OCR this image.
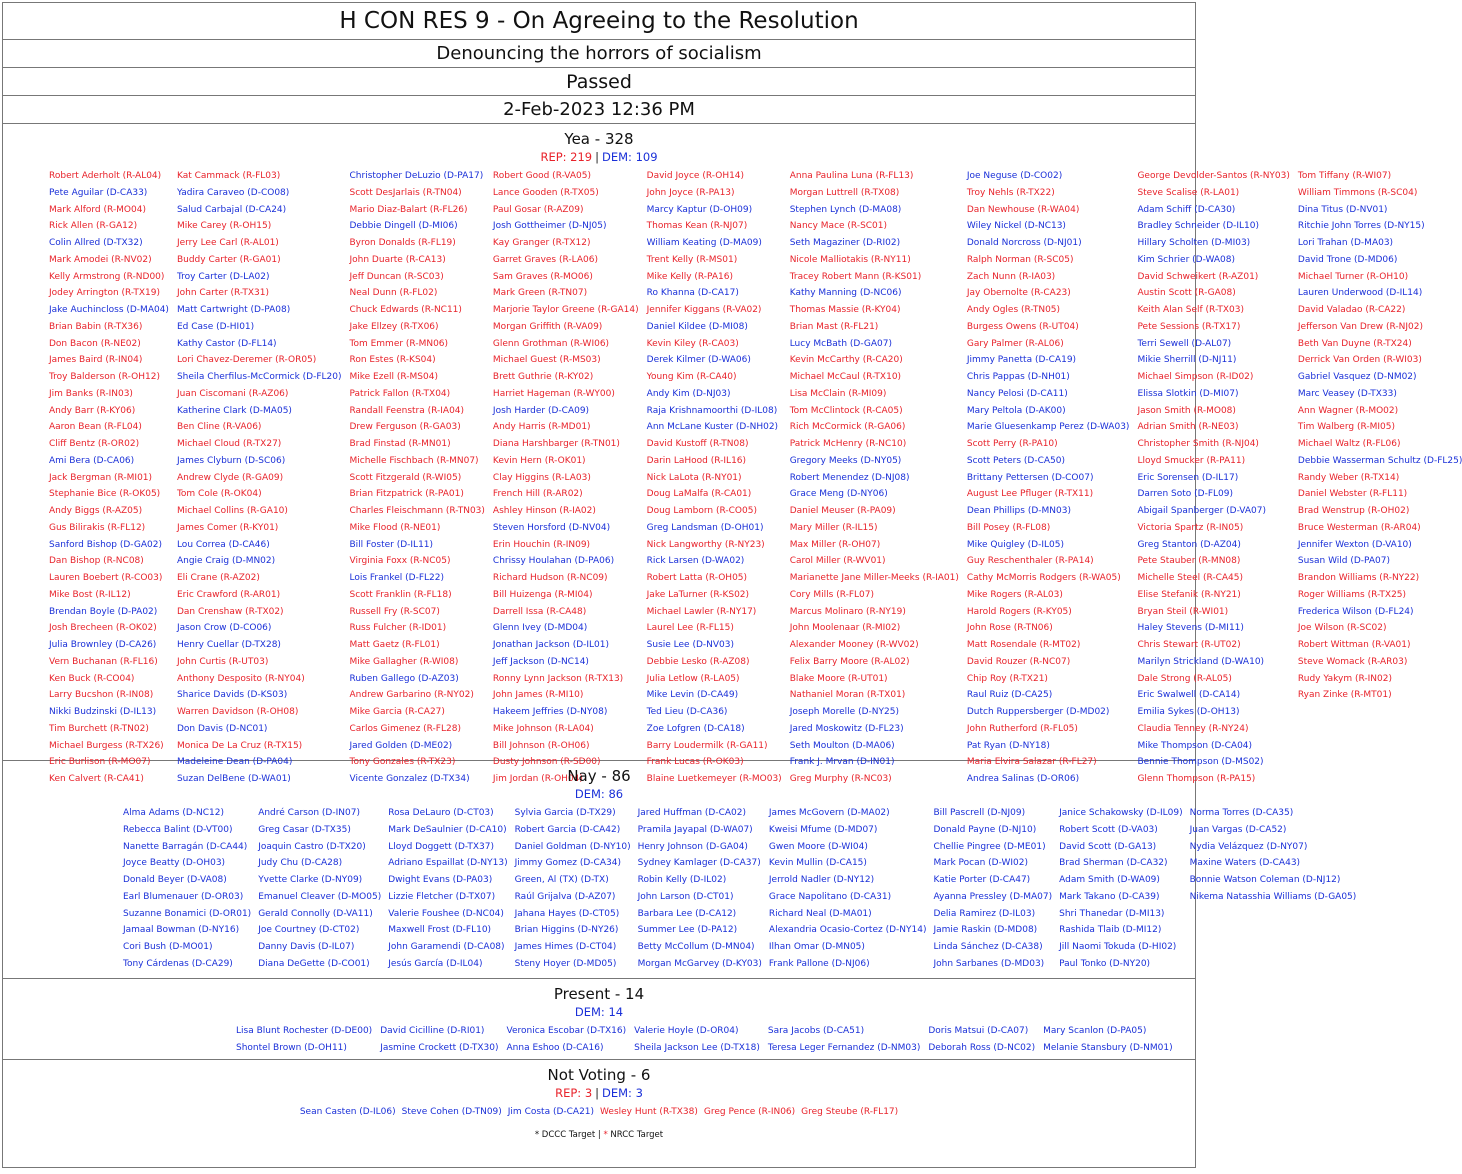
H CON RES 9 - On Agreeing to the Resolution
Denouncing the horrors of socialism
Passed
2-Feb-2023 12:36 PM
Yea - 328
REP: 219 | DEM: 109
Robert Aderholt (R-AL04)
Pete Aguilar (D-CA33)
Mark Alford (R-MO04)
Rick Allen (R-GA12)
Colin Allred (D-TX32)
Mark Amodei (R-NV02)
Kelly Armstrong (R-ND00)
Jodey Arrington (R-TX19)
Jake Auchincloss (D-MA04)
Brian Babin (R-TX36)
Don Bacon (R-NE02)
James Baird (R-IN04)
Troy Balderson (R-OH12)
Jim Banks (R-IN03)
Andy Barr (R-KY06)
Aaron Bean (R-FL04)
Cliff Bentz (R-OR02)
Ami Bera (D-CA06)
Jack Bergman (R-MI01)
Stephanie Bice (R-OK05)
Andy Biggs (R-AZ05)
Gus Bilirakis (R-FL12)
Sanford Bishop (D-GA02)
Dan Bishop (R-NC08)
Lauren Boebert (R-CO03)
Mike Bost (R-IL12)
Brendan Boyle (D-PA02)
Josh Brecheen (R-OK02)
Julia Brownley (D-CA26)
Vern Buchanan (R-FL16)
Ken Buck (R-CO04)
Larry Bucshon (R-IN08)
Nikki Budzinski (D-IL13)
Tim Burchett (R-TN02)
Michael Burgess (R-TX26)
Eric Burlison (R-MO07)
Ken Calvert (R-CA41)
Kat Cammack (R-FL03)
Yadira Caraveo (D-CO08)
Salud Carbajal (D-CA24)
Mike Carey (R-OH15)
Jerry Lee Carl (R-AL01)
Buddy Carter (R-GA01)
Troy Carter (D-LA02)
John Carter (R-TX31)
Matt Cartwright (D-PA08)
Ed Case (D-HI01)
Kathy Castor (D-FL14)
Lori Chavez-Deremer (R-OR05)
Sheila Cherfilus-McCormick (D-FL20)
Juan Ciscomani (R-AZ06)
Katherine Clark (D-MA05)
Ben Cline (R-VA06)
Michael Cloud (R-TX27)
James Clyburn (D-SC06)
Andrew Clyde (R-GA09)
Tom Cole (R-OK04)
Michael Collins (R-GA10)
James Comer (R-KY01)
Lou Correa (D-CA46)
Angie Craig (D-MN02)
Eli Crane (R-AZ02)
Eric Crawford (R-AR01)
Dan Crenshaw (R-TX02)
Jason Crow (D-CO06)
Henry Cuellar (D-TX28)
John Curtis (R-UT03)
Anthony Desposito (R-NY04)
Sharice Davids (D-KS03)
Warren Davidson (R-OH08)
Don Davis (D-NC01)
Monica De La Cruz (R-TX15)
Madeleine Dean (D-PA04)
Suzan DelBene (D-WA01)
Christopher DeLuzio (D-PA17)
Scott DesJarlais (R-TN04)
Mario Diaz-Balart (R-FL26)
Debbie Dingell (D-MI06)
Byron Donalds (R-FL19)
John Duarte (R-CA13)
Jeff Duncan (R-SC03)
Neal Dunn (R-FL02)
Chuck Edwards (R-NC11)
Jake Ellzey (R-TX06)
Tom Emmer (R-MN06)
Ron Estes (R-KS04)
Mike Ezell (R-MS04)
Patrick Fallon (R-TX04)
Randall Feenstra (R-IA04)
Drew Ferguson (R-GA03)
Brad Finstad (R-MN01)
Michelle Fischbach (R-MN07)
Scott Fitzgerald (R-WI05)
Brian Fitzpatrick (R-PA01)
Charles Fleischmann (R-TN03)
Mike Flood (R-NE01)
Bill Foster (D-IL11)
Virginia Foxx (R-NC05)
Lois Frankel (D-FL22)
Scott Franklin (R-FL18)
Russell Fry (R-SC07)
Russ Fulcher (R-ID01)
Matt Gaetz (R-FL01)
Mike Gallagher (R-WI08)
Ruben Gallego (D-AZ03)
Andrew Garbarino (R-NY02)
Mike Garcia (R-CA27)
Carlos Gimenez (R-FL28)
Jared Golden (D-ME02)
Tony Gonzales (R-TX23)
Vicente Gonzalez (D-TX34)
Robert Good (R-VA05)
Lance Gooden (R-TX05)
Paul Gosar (R-AZ09)
Josh Gottheimer (D-NJ05)
Kay Granger (R-TX12)
Garret Graves (R-LA06)
Sam Graves (R-MO06)
Mark Green (R-TN07)
Marjorie Taylor Greene (R-GA14)
Morgan Griffith (R-VA09)
Glenn Grothman (R-WI06)
Michael Guest (R-MS03)
Brett Guthrie (R-KY02)
Harriet Hageman (R-WY00)
Josh Harder (D-CA09)
Andy Harris (R-MD01)
Diana Harshbarger (R-TN01)
Kevin Hern (R-OK01)
Clay Higgins (R-LA03)
French Hill (R-AR02)
Ashley Hinson (R-IA02)
Steven Horsford (D-NV04)
Erin Houchin (R-IN09)
Chrissy Houlahan (D-PA06)
Richard Hudson (R-NC09)
Bill Huizenga (R-MI04)
Darrell Issa (R-CA48)
Glenn Ivey (D-MD04)
Jonathan Jackson (D-IL01)
Jeff Jackson (D-NC14)
Ronny Lynn Jackson (R-TX13)
John James (R-MI10)
Hakeem Jeffries (D-NY08)
Mike Johnson (R-LA04)
Bill Johnson (R-OH06)
Dusty Johnson (R-SD00)
Jim Jordan (R-OH04)
David Joyce (R-OH14)
John Joyce (R-PA13)
Marcy Kaptur (D-OH09)
Thomas Kean (R-NJ07)
William Keating (D-MA09)
Trent Kelly (R-MS01)
Mike Kelly (R-PA16)
Ro Khanna (D-CA17)
Jennifer Kiggans (R-VA02)
Daniel Kildee (D-MI08)
Kevin Kiley (R-CA03)
Derek Kilmer (D-WA06)
Young Kim (R-CA40)
Andy Kim (D-NJ03)
Raja Krishnamoorthi (D-IL08)
Ann McLane Kuster (D-NH02)
David Kustoff (R-TN08)
Darin LaHood (R-IL16)
Nick LaLota (R-NY01)
Doug LaMalfa (R-CA01)
Doug Lamborn (R-CO05)
Greg Landsman (D-OH01)
Nick Langworthy (R-NY23)
Rick Larsen (D-WA02)
Robert Latta (R-OH05)
Jake LaTurner (R-KS02)
Michael Lawler (R-NY17)
Laurel Lee (R-FL15)
Susie Lee (D-NV03)
Debbie Lesko (R-AZ08)
Julia Letlow (R-LA05)
Mike Levin (D-CA49)
Ted Lieu (D-CA36)
Zoe Lofgren (D-CA18)
Barry Loudermilk (R-GA11)
Frank Lucas (R-OK03)
Blaine Luetkemeyer (R-MO03)
Anna Paulina Luna (R-FL13)
Morgan Luttrell (R-TX08)
Stephen Lynch (D-MA08)
Nancy Mace (R-SC01)
Seth Magaziner (D-RI02)
Nicole Malliotakis (R-NY11)
Tracey Robert Mann (R-KS01)
Kathy Manning (D-NC06)
Thomas Massie (R-KY04)
Brian Mast (R-FL21)
Lucy McBath (D-GA07)
Kevin McCarthy (R-CA20)
Michael McCaul (R-TX10)
Lisa McClain (R-MI09)
Tom McClintock (R-CA05)
Rich McCormick (R-GA06)
Patrick McHenry (R-NC10)
Gregory Meeks (D-NY05)
Robert Menendez (D-NJ08)
Grace Meng (D-NY06)
Daniel Meuser (R-PA09)
Mary Miller (R-IL15)
Max Miller (R-OH07)
Carol Miller (R-WV01)
Marianette Jane Miller-Meeks (R-IA01)
Cory Mills (R-FL07)
Marcus Molinaro (R-NY19)
John Moolenaar (R-MI02)
Alexander Mooney (R-WV02)
Felix Barry Moore (R-AL02)
Blake Moore (R-UT01)
Nathaniel Moran (R-TX01)
Joseph Morelle (D-NY25)
Jared Moskowitz (D-FL23)
Seth Moulton (D-MA06)
Frank J. Mrvan (D-IN01)
Greg Murphy (R-NC03)
Joe Neguse (D-CO02)
Troy Nehls (R-TX22)
Dan Newhouse (R-WA04)
Wiley Nickel (D-NC13)
Donald Norcross (D-NJ01)
Ralph Norman (R-SC05)
Zach Nunn (R-IA03)
Jay Obernolte (R-CA23)
Andy Ogles (R-TN05)
Burgess Owens (R-UT04)
Gary Palmer (R-AL06)
Jimmy Panetta (D-CA19)
Chris Pappas (D-NH01)
Nancy Pelosi (D-CA11)
Mary Peltola (D-AK00)
Marie Gluesenkamp Perez (D-WA03)
Scott Perry (R-PA10)
Scott Peters (D-CA50)
Brittany Pettersen (D-CO07)
August Lee Pfluger (R-TX11)
Dean Phillips (D-MN03)
Bill Posey (R-FL08)
Mike Quigley (D-IL05)
Guy Reschenthaler (R-PA14)
Cathy McMorris Rodgers (R-WA05)
Mike Rogers (R-AL03)
Harold Rogers (R-KY05)
John Rose (R-TN06)
Matt Rosendale (R-MT02)
David Rouzer (R-NC07)
Chip Roy (R-TX21)
Raul Ruiz (D-CA25)
Dutch Ruppersberger (D-MD02)
John Rutherford (R-FL05)
Pat Ryan (D-NY18)
Maria Elvira Salazar (R-FL27)
Andrea Salinas (D-OR06)
George Devolder-Santos (R-NY03)
Steve Scalise (R-LA01)
Adam Schiff (D-CA30)
Bradley Schneider (D-IL10)
Hillary Scholten (D-MI03)
Kim Schrier (D-WA08)
David Schweikert (R-AZ01)
Austin Scott (R-GA08)
Keith Alan Self (R-TX03)
Pete Sessions (R-TX17)
Terri Sewell (D-AL07)
Mikie Sherrill (D-NJ11)
Michael Simpson (R-ID02)
Elissa Slotkin (D-MI07)
Jason Smith (R-MO08)
Adrian Smith (R-NE03)
Christopher Smith (R-NJ04)
Lloyd Smucker (R-PA11)
Eric Sorensen (D-IL17)
Darren Soto (D-FL09)
Abigail Spanberger (D-VA07)
Victoria Spartz (R-IN05)
Greg Stanton (D-AZ04)
Pete Stauber (R-MN08)
Michelle Steel (R-CA45)
Elise Stefanik (R-NY21)
Bryan Steil (R-WI01)
Haley Stevens (D-MI11)
Chris Stewart (R-UT02)
Marilyn Strickland (D-WA10)
Dale Strong (R-AL05)
Eric Swalwell (D-CA14)
Emilia Sykes (D-OH13)
Claudia Tenney (R-NY24)
Mike Thompson (D-CA04)
Bennie Thompson (D-MS02)
Glenn Thompson (R-PA15)
Tom Tiffany (R-WI07)
William Timmons (R-SC04)
Dina Titus (D-NV01)
Ritchie John Torres (D-NY15)
Lori Trahan (D-MA03)
David Trone (D-MD06)
Michael Turner (R-OH10)
Lauren Underwood (D-IL14)
David Valadao (R-CA22)
Jefferson Van Drew (R-NJ02)
Beth Van Duyne (R-TX24)
Derrick Van Orden (R-WI03)
Gabriel Vasquez (D-NM02)
Marc Veasey (D-TX33)
Ann Wagner (R-MO02)
Tim Walberg (R-MI05)
Michael Waltz (R-FL06)
Debbie Wasserman Schultz (D-FL25)
Randy Weber (R-TX14)
Daniel Webster (R-FL11)
Brad Wenstrup (R-OH02)
Bruce Westerman (R-AR04)
Jennifer Wexton (D-VA10)
Susan Wild (D-PA07)
Brandon Williams (R-NY22)
Roger Williams (R-TX25)
Frederica Wilson (D-FL24)
Joe Wilson (R-SC02)
Robert Wittman (R-VA01)
Steve Womack (R-AR03)
Rudy Yakym (R-IN02)
Ryan Zinke (R-MT01)
Nay - 86
DEM: 86
Alma Adams (D-NC12)
Rebecca Balint (D-VT00)
Nanette Barragán (D-CA44)
Joyce Beatty (D-OH03)
Donald Beyer (D-VA08)
Earl Blumenauer (D-OR03)
Suzanne Bonamici (D-OR01)
Jamaal Bowman (D-NY16)
Cori Bush (D-MO01)
Tony Cárdenas (D-CA29)
André Carson (D-IN07)
Greg Casar (D-TX35)
Joaquin Castro (D-TX20)
Judy Chu (D-CA28)
Yvette Clarke (D-NY09)
Emanuel Cleaver (D-MO05)
Gerald Connolly (D-VA11)
Joe Courtney (D-CT02)
Danny Davis (D-IL07)
Diana DeGette (D-CO01)
Rosa DeLauro (D-CT03)
Mark DeSaulnier (D-CA10)
Lloyd Doggett (D-TX37)
Adriano Espaillat (D-NY13)
Dwight Evans (D-PA03)
Lizzie Fletcher (D-TX07)
Valerie Foushee (D-NC04)
Maxwell Frost (D-FL10)
John Garamendi (D-CA08)
Jesús García (D-IL04)
Sylvia Garcia (D-TX29)
Robert Garcia (D-CA42)
Daniel Goldman (D-NY10)
Jimmy Gomez (D-CA34)
Green, Al (TX) (D-TX)
Raúl Grijalva (D-AZ07)
Jahana Hayes (D-CT05)
Brian Higgins (D-NY26)
James Himes (D-CT04)
Steny Hoyer (D-MD05)
Jared Huffman (D-CA02)
Pramila Jayapal (D-WA07)
Henry Johnson (D-GA04)
Sydney Kamlager (D-CA37)
Robin Kelly (D-IL02)
John Larson (D-CT01)
Barbara Lee (D-CA12)
Summer Lee (D-PA12)
Betty McCollum (D-MN04)
Morgan McGarvey (D-KY03)
James McGovern (D-MA02)
Kweisi Mfume (D-MD07)
Gwen Moore (D-WI04)
Kevin Mullin (D-CA15)
Jerrold Nadler (D-NY12)
Grace Napolitano (D-CA31)
Richard Neal (D-MA01)
Alexandria Ocasio-Cortez (D-NY14)
Ilhan Omar (D-MN05)
Frank Pallone (D-NJ06)
Bill Pascrell (D-NJ09)
Donald Payne (D-NJ10)
Chellie Pingree (D-ME01)
Mark Pocan (D-WI02)
Katie Porter (D-CA47)
Ayanna Pressley (D-MA07)
Delia Ramirez (D-IL03)
Jamie Raskin (D-MD08)
Linda Sánchez (D-CA38)
John Sarbanes (D-MD03)
Janice Schakowsky (D-IL09)
Robert Scott (D-VA03)
David Scott (D-GA13)
Brad Sherman (D-CA32)
Adam Smith (D-WA09)
Mark Takano (D-CA39)
Shri Thanedar (D-MI13)
Rashida Tlaib (D-MI12)
Jill Naomi Tokuda (D-HI02)
Paul Tonko (D-NY20)
Norma Torres (D-CA35)
Juan Vargas (D-CA52)
Nydia Velázquez (D-NY07)
Maxine Waters (D-CA43)
Bonnie Watson Coleman (D-NJ12)
Nikema Natasshia Williams (D-GA05)
Present - 14
DEM: 14
Lisa Blunt Rochester (D-DE00)
Shontel Brown (D-OH11)
David Cicilline (D-RI01)
Jasmine Crockett (D-TX30)
Veronica Escobar (D-TX16)
Anna Eshoo (D-CA16)
Valerie Hoyle (D-OR04)
Sheila Jackson Lee (D-TX18)
Sara Jacobs (D-CA51)
Teresa Leger Fernandez (D-NM03)
Doris Matsui (D-CA07)
Deborah Ross (D-NC02)
Mary Scanlon (D-PA05)
Melanie Stansbury (D-NM01)
Not Voting - 6
REP: 3 | DEM: 3
Sean Casten (D-IL06) Steve Cohen (D-TN09) Jim Costa (D-CA21) Wesley Hunt (R-TX38) Greg Pence (R-IN06) Greg Steube (R-FL17)
* DCCC Target | * NRCC Target
